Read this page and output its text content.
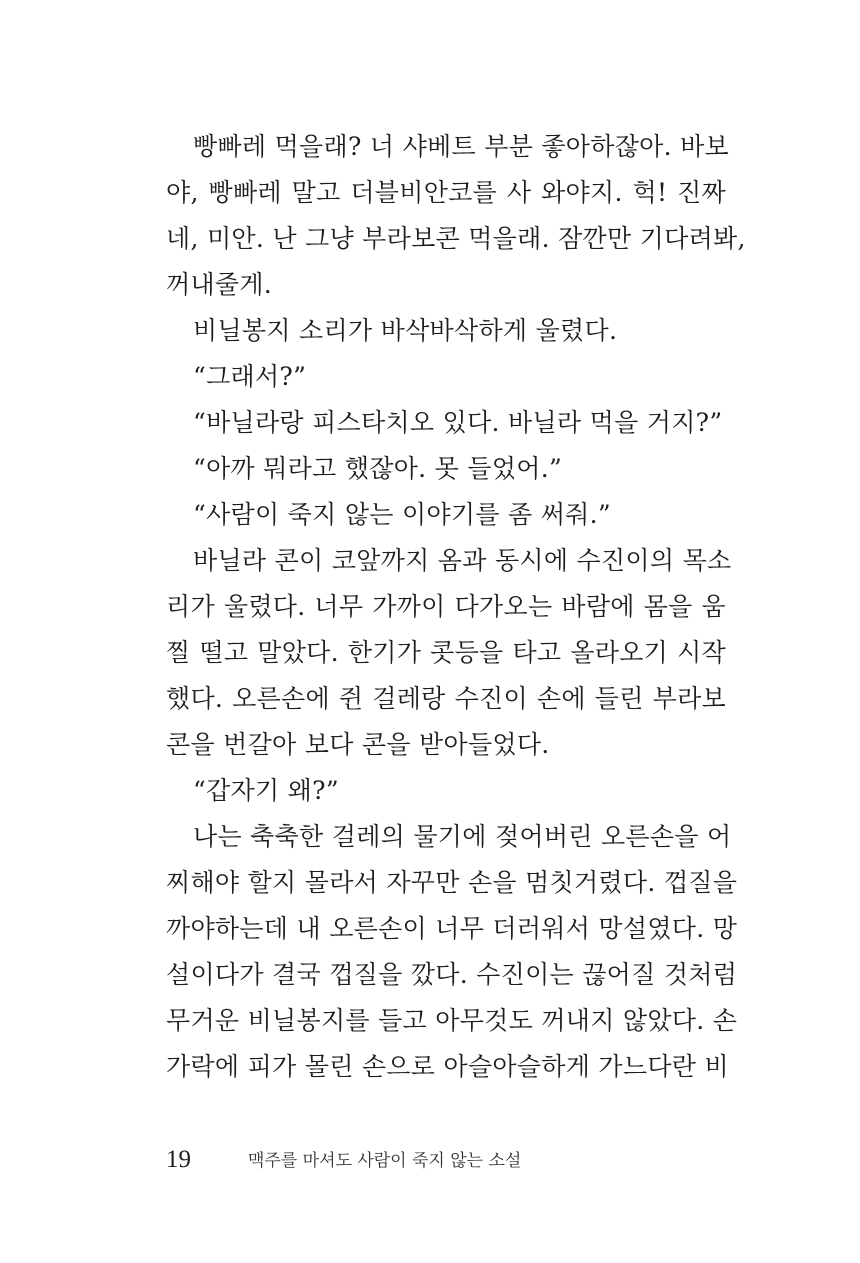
빵빠레 먹을래? 너 샤베트 부분 좋아하잖아. 바보
야, 빵빠레 말고 더블비안코를 사 와야지. 헉! 진짜
네, 미안. 난 그냥 부라보콘 먹을래. 잠깐만 기다려봐,
꺼내줄게.
비닐봉지 소리가 바삭바삭하게 울렸다.
“그래서?”
“바닐라랑 피스타치오 있다. 바닐라 먹을 거지?”
“아까 뭐라고 했잖아. 못 들었어.”
“사람이 죽지 않는 이야기를 좀 써줘.”
바닐라 콘이 코앞까지 옴과 동시에 수진이의 목소
리가 울렸다. 너무 가까이 다가오는 바람에 몸을 움
찔 떨고 말았다. 한기가 콧등을 타고 올라오기 시작
했다. 오른손에 쥔 걸레랑 수진이 손에 들린 부라보
콘을 번갈아 보다 콘을 받아들었다.
“갑자기 왜?”
나는 축축한 걸레의 물기에 젖어버린 오른손을 어
찌해야 할지 몰라서 자꾸만 손을 멈칫거렸다. 껍질을
까야하는데 내 오른손이 너무 더러워서 망설였다. 망
설이다가 결국 껍질을 깠다. 수진이는 끊어질 것처럼
무거운 비닐봉지를 들고 아무것도 꺼내지 않았다. 손
가락에 피가 몰린 손으로 아슬아슬하게 가느다란 비
19	맥주를 마셔도 사람이 죽지 않는 소설
